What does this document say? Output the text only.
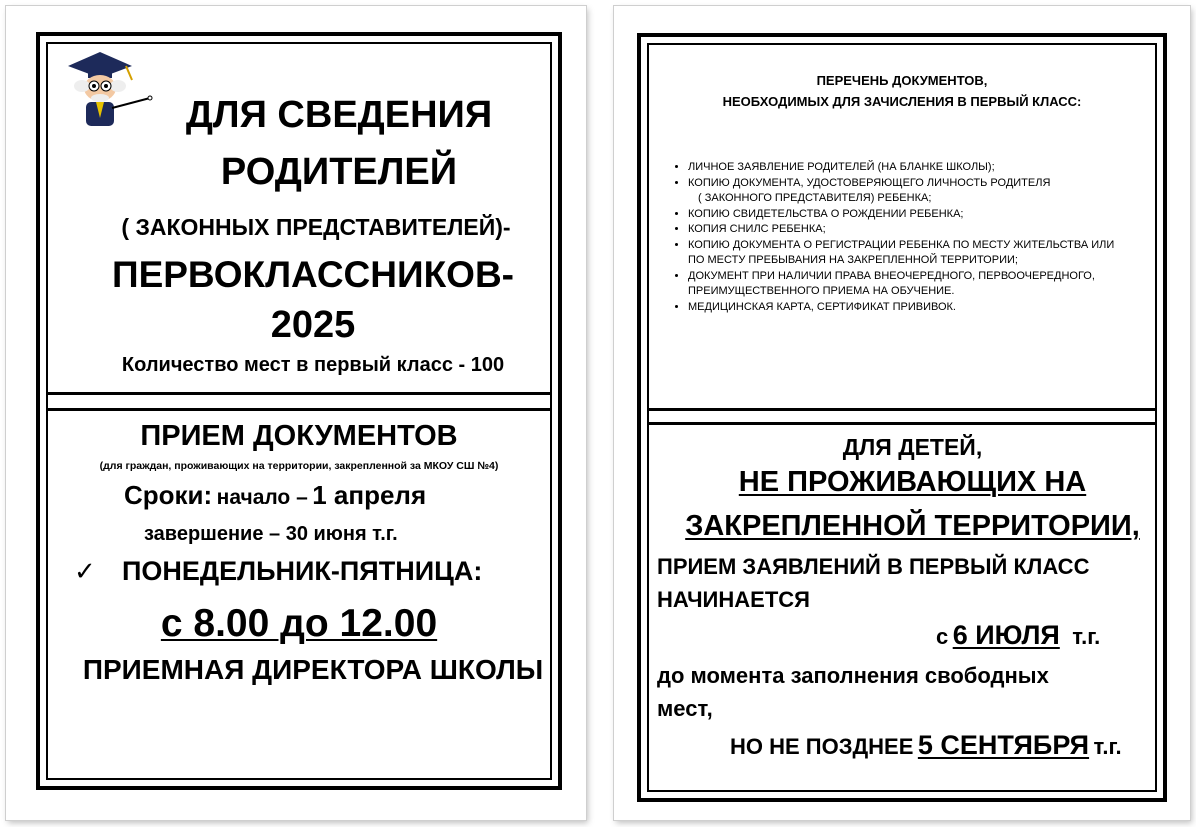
ДЛЯ СВЕДЕНИЯ
РОДИТЕЛЕЙ
( ЗАКОННЫХ ПРЕДСТАВИТЕЛЕЙ)-
ПЕРВОКЛАССНИКОВ-
2025
Количество мест в первый класс - 100
ПРИЕМ ДОКУМЕНТОВ
(для граждан, проживающих на территории, закрепленной за МКОУ СШ №4)
Сроки: начало – 1 апреля
завершение – 30 июня т.г.
✓ ПОНЕДЕЛЬНИК-ПЯТНИЦА:
с 8.00 до 12.00
ПРИЕМНАЯ ДИРЕКТОРА ШКОЛЫ
ПЕРЕЧЕНЬ ДОКУМЕНТОВ,
НЕОБХОДИМЫХ ДЛЯ ЗАЧИСЛЕНИЯ В ПЕРВЫЙ КЛАСС:
• ЛИЧНОЕ ЗАЯВЛЕНИЕ РОДИТЕЛЕЙ (НА БЛАНКЕ ШКОЛЫ);
• КОПИЮ ДОКУМЕНТА, УДОСТОВЕРЯЮЩЕГО ЛИЧНОСТЬ РОДИТЕЛЯ
( ЗАКОННОГО ПРЕДСТАВИТЕЛЯ) РЕБЕНКА;
• КОПИЮ СВИДЕТЕЛЬСТВА О РОЖДЕНИИ РЕБЕНКА;
• КОПИЯ СНИЛС РЕБЕНКА;
• КОПИЮ ДОКУМЕНТА О РЕГИСТРАЦИИ РЕБЕНКА ПО МЕСТУ ЖИТЕЛЬСТВА ИЛИ
ПО МЕСТУ ПРЕБЫВАНИЯ НА ЗАКРЕПЛЕННОЙ ТЕРРИТОРИИ;
• ДОКУМЕНТ ПРИ НАЛИЧИИ ПРАВА ВНЕОЧЕРЕДНОГО, ПЕРВООЧЕРЕДНОГО,
ПРЕИМУЩЕСТВЕННОГО ПРИЕМА НА ОБУЧЕНИЕ.
• МЕДИЦИНСКАЯ КАРТА, СЕРТИФИКАТ ПРИВИВОК.
ДЛЯ ДЕТЕЙ,
НЕ ПРОЖИВАЮЩИХ НА
ЗАКРЕПЛЕННОЙ ТЕРРИТОРИИ,
ПРИЕМ ЗАЯВЛЕНИЙ В ПЕРВЫЙ КЛАСС
НАЧИНАЕТСЯ
с 6 ИЮЛЯ т.г.
до момента заполнения свободных
мест,
НО НЕ ПОЗДНЕЕ 5 СЕНТЯБРЯ т.г.
